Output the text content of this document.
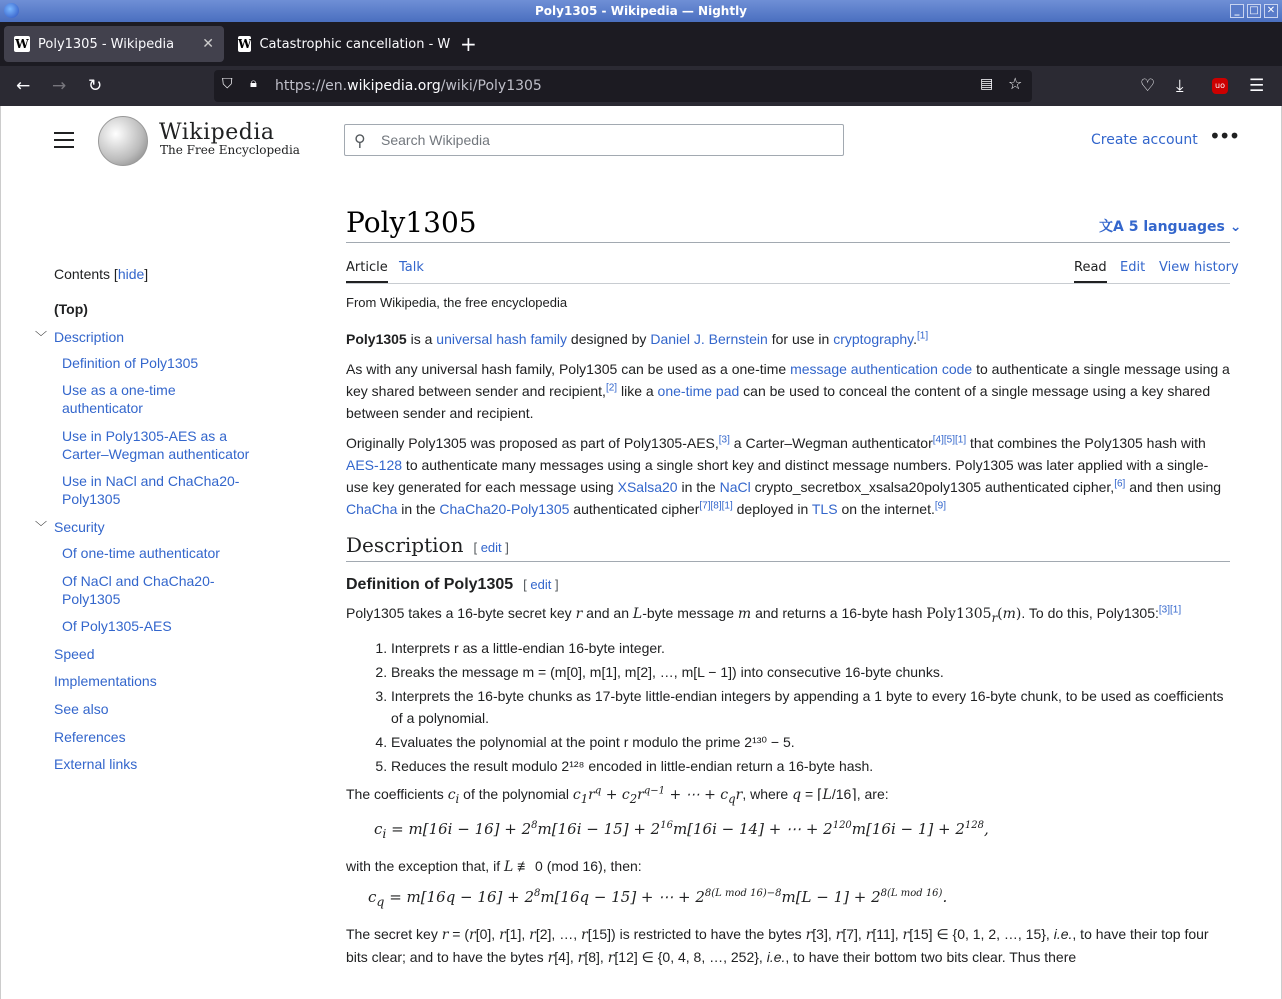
Poly1305 - Wikipedia — Nightly	_ □ ✕
W Poly1305 - Wikipedia ✕ W Catastrophic cancellation - W +
← → ↻	⛉ 🔒︎ https://en.wikipedia.org/wiki/Poly1305	▤ ☆	♡ ⤓	uo ☰
Wikipedia
The Free Encyclopedia	⚲
Search Wikipedia	Create account •••
Contents [hide]
(Top)
﹀ Description
Definition of Poly1305
Use as a one-time authenticator
Use in Poly1305-AES as a Carter–Wegman authenticator
Use in NaCl and ChaCha20-Poly1305
﹀ Security
Of one-time authenticator
Of NaCl and ChaCha20-Poly1305
Of Poly1305-AES
Speed
Implementations
See also
References
External links
Poly1305	文A 5 languages ⌄
Article Talk	Read Edit View history

From Wikipedia, the free encyclopedia

Poly1305 is a universal hash family designed by Daniel J. Bernstein for use in cryptography.[1]

As with any universal hash family, Poly1305 can be used as a one-time message authentication code to authenticate a single message using a key shared between sender and recipient,[2] like a one-time pad can be used to conceal the content of a single message using a key shared between sender and recipient.

Originally Poly1305 was proposed as part of Poly1305-AES,[3] a Carter–Wegman authenticator[4][5][1] that combines the Poly1305 hash with AES-128 to authenticate many messages using a single short key and distinct message numbers. Poly1305 was later applied with a single-use key generated for each message using XSalsa20 in the NaCl crypto_secretbox_xsalsa20poly1305 authenticated cipher,[6] and then using ChaCha in the ChaCha20-Poly1305 authenticated cipher[7][8][1] deployed in TLS on the internet.[9]

Description [ edit ]
Definition of Poly1305 [ edit ]

Poly1305 takes a 16-byte secret key r and an L-byte message m and returns a 16-byte hash $Poly1305_r(m)$. To do this, Poly1305:[3][1]

1. Interprets r as a little-endian 16-byte integer.
2. Breaks the message m = (m[0], m[1], m[2], …, m[L − 1]) into consecutive 16-byte chunks.
3. Interprets the 16-byte chunks as 17-byte little-endian integers by appending a 1 byte to every 16-byte chunk, to be used as coefficients of a polynomial.
4. Evaluates the polynomial at the point r modulo the prime 2¹³⁰ − 5.
5. Reduces the result modulo 2¹²⁸ encoded in little-endian return a 16-byte hash.

The coefficients $c_i$ of the polynomial $c_1r^q + c_2r^{q-1}$ + ⋯ + $c_qr$, where q = ⌈L/16⌉, are:

$c_i = m[16i - 16] + 2^8m[16i - 15] + 2^{16}m[16i - 14]$ + ⋯ + $2^{120}m[16i - 1] + 2^{128}$,

with the exception that, if L ≢ 0 (mod 16), then:

$c_q = m[16q - 16] + 2^8m[16q - 15]$ + ⋯ + $2^{8(L mod 16)-8}m[L - 1] + 2^{8(L mod 16)}$.

The secret key r = (r[0], r[1], r[2], …, r[15]) is restricted to have the bytes r[3], r[7], r[11], r[15] ∈ {0, 1, 2, …, 15}, i.e., to have their top four bits clear; and to have the bytes r[4], r[8], r[12] ∈ {0, 4, 8, …, 252}, i.e., to have their bottom two bits clear. Thus there
